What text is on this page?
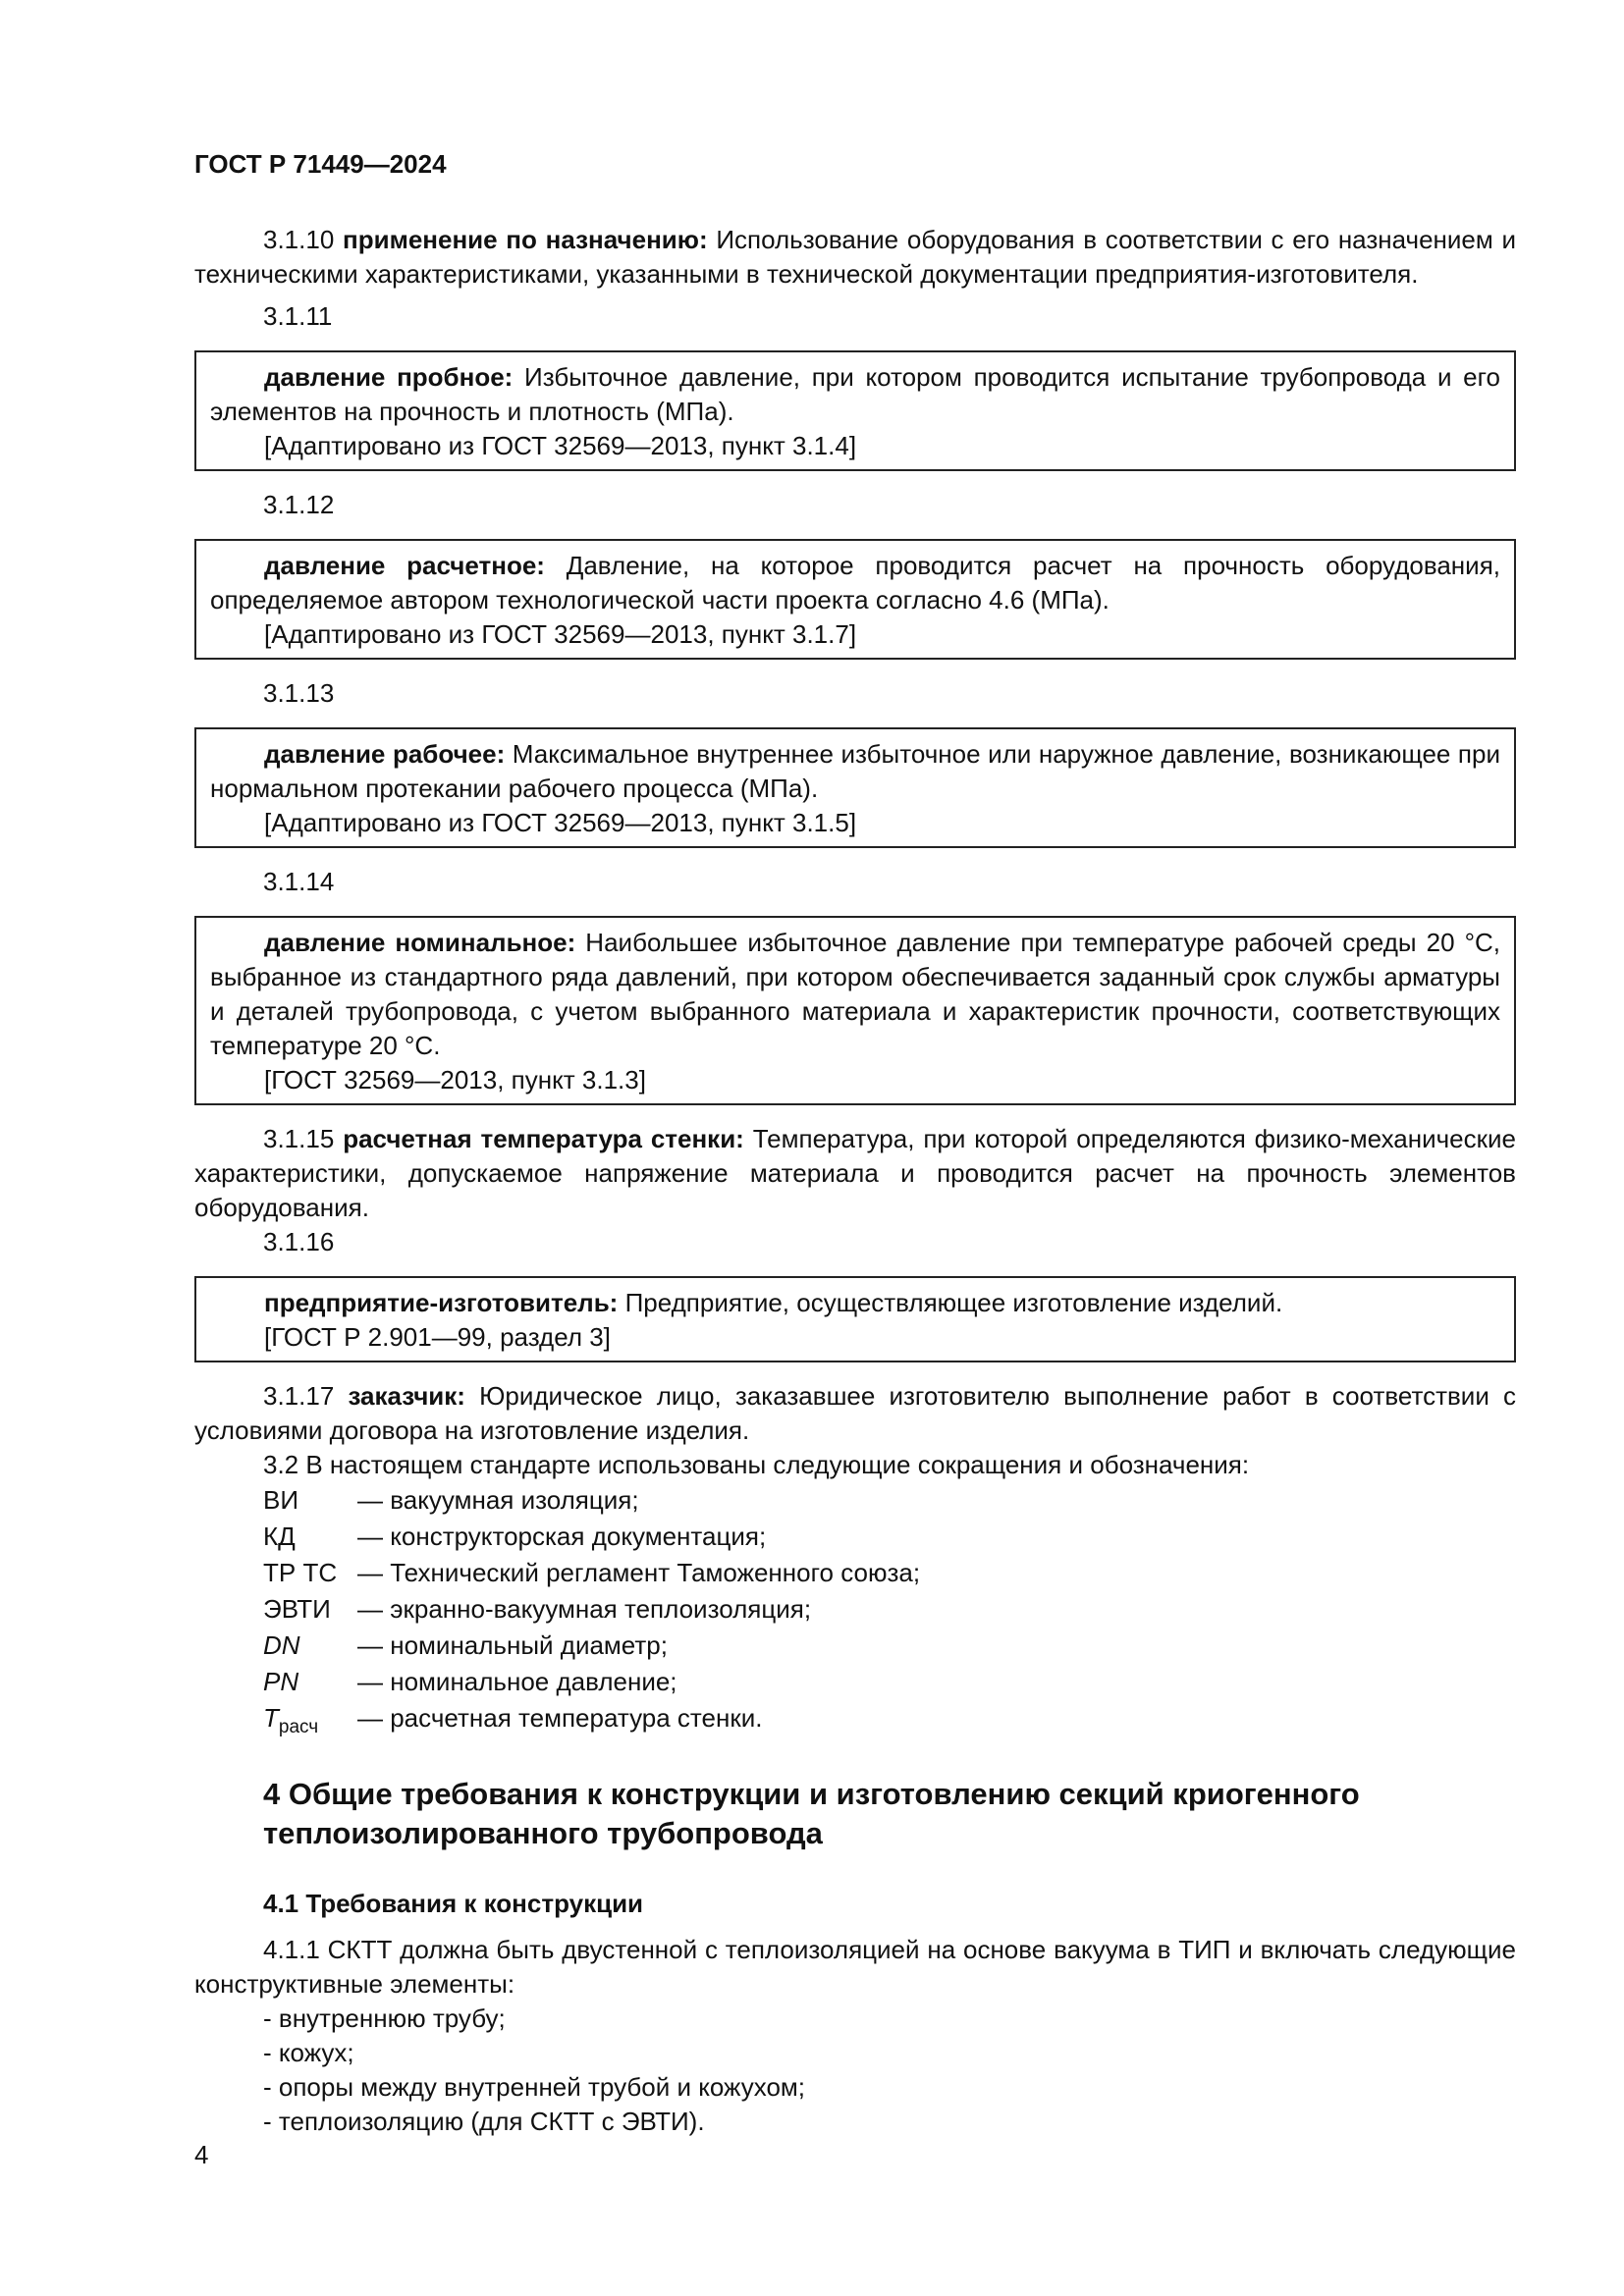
ГОСТ Р 71449—2024

3.1.10 применение по назначению: Использование оборудования в соответствии с его назначением и техническими характеристиками, указанными в технической документации предприятия-изготовителя.

3.1.11
давление пробное: Избыточное давление, при котором проводится испытание трубопровода и его элементов на прочность и плотность (МПа).
[Адаптировано из ГОСТ 32569—2013, пункт 3.1.4]
3.1.12
давление расчетное: Давление, на которое проводится расчет на прочность оборудования, определяемое автором технологической части проекта согласно 4.6 (МПа).
[Адаптировано из ГОСТ 32569—2013, пункт 3.1.7]
3.1.13
давление рабочее: Максимальное внутреннее избыточное или наружное давление, возникающее при нормальном протекании рабочего процесса (МПа).
[Адаптировано из ГОСТ 32569—2013, пункт 3.1.5]
3.1.14
давление номинальное: Наибольшее избыточное давление при температуре рабочей среды 20 °С, выбранное из стандартного ряда давлений, при котором обеспечивается заданный срок службы арматуры и деталей трубопровода, с учетом выбранного материала и характеристик прочности, соответствующих температуре 20 °С.
[ГОСТ 32569—2013, пункт 3.1.3]

3.1.15 расчетная температура стенки: Температура, при которой определяются физико-механические характеристики, допускаемое напряжение материала и проводится расчет на прочность элементов оборудования.

3.1.16
предприятие-изготовитель: Предприятие, осуществляющее изготовление изделий.
[ГОСТ Р 2.901—99, раздел 3]

3.1.17 заказчик: Юридическое лицо, заказавшее изготовителю выполнение работ в соответствии с условиями договора на изготовление изделия.

3.2 В настоящем стандарте использованы следующие сокращения и обозначения:

ВИ	— вакуумная изоляция;
КД	— конструкторская документация;
ТР ТС — Технический регламент Таможенного союза;
ЭВТИ	— экранно-вакуумная теплоизоляция;
DN	— номинальный диаметр;
PN	— номинальное давление;
$T_{расч}$	— расчетная температура стенки.
4 Общие требования к конструкции и изготовлению секций криогенного теплоизолированного трубопровода
4.1 Требования к конструкции

4.1.1 СКТТ должна быть двустенной с теплоизоляцией на основе вакуума в ТИП и включать следующие конструктивные элементы:

- внутреннюю трубу;
- кожух;
- опоры между внутренней трубой и кожухом;
- теплоизоляцию (для СКТТ с ЭВТИ).
4
